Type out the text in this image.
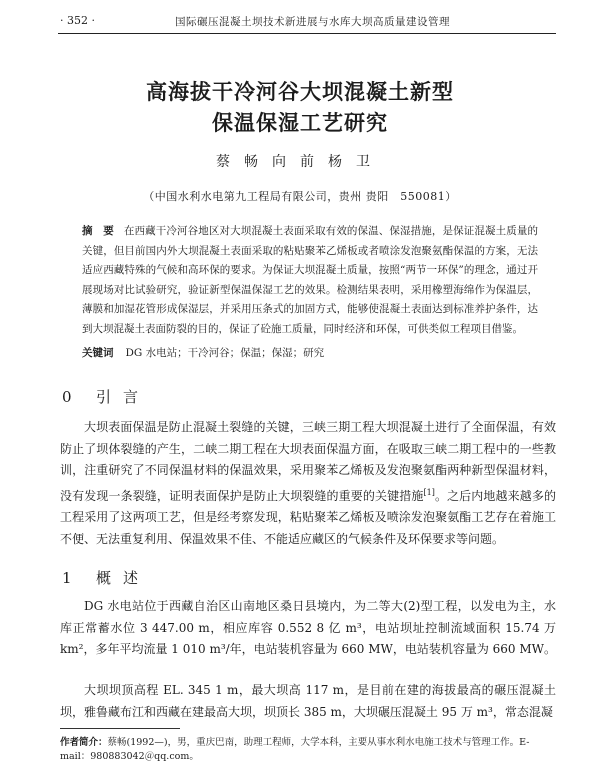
· 352 ·	国际碾压混凝土坝技术新进展与水库大坝高质量建设管理
高海拔干冷河谷大坝混凝土新型
保温保湿工艺研究
蔡畅向前杨卫
（中国水利水电第九工程局有限公司，贵州 贵阳　550081）
摘　要 在西藏干冷河谷地区对大坝混凝土表面采取有效的保温、保湿措施，是保证混凝土质量的关键，但目前国内外大坝混凝土表面采取的粘贴聚苯乙烯板或者喷涂发泡聚氨酯保温的方案，无法适应西藏特殊的气候和高环保的要求。为保证大坝混凝土质量，按照“两节一环保”的理念，通过开展现场对比试验研究，验证新型保温保湿工艺的效果。检测结果表明，采用橡塑海绵作为保温层，薄膜和加湿花管形成保湿层，并采用压条式的加固方式，能够使混凝土表面达到标准养护条件，达到大坝混凝土表面防裂的目的，保证了砼施工质量，同时经济和环保，可供类似工程项目借鉴。
关键词 DG 水电站；干冷河谷；保温；保湿；研究
0 引言
大坝表面保温是防止混凝土裂缝的关键，三峡三期工程大坝混凝土进行了全面保温，有效防止了坝体裂缝的产生，二峡二期工程在大坝表面保温方面，在吸取三峡二期工程中的一些教训，注重研究了不同保温材料的保温效果，采用聚苯乙烯板及发泡聚氨酯两种新型保温材料，没有发现一条裂缝，证明表面保护是防止大坝裂缝的重要的关键措施[1]。之后内地越来越多的工程采用了这两项工艺，但是经考察发现，粘贴聚苯乙烯板及喷涂发泡聚氨酯工艺存在着施工不便、无法重复利用、保温效果不佳、不能适应藏区的气候条件及环保要求等问题。
1 概述
DG 水电站位于西藏自治区山南地区桑日县境内，为二等大(2)型工程，以发电为主，水库正常蓄水位 3 447.00 m，相应库容 0.552 8 亿 m³，电站坝址控制流域面积 15.74 万 km²，多年平均流量 1 010 m³/年，电站装机容量为 660 MW，电站装机容量为 660 MW。
大坝坝顶高程 EL. 345 1 m，最大坝高 117 m，是目前在建的海拔最高的碾压混凝土坝，雅鲁藏布江和西藏在建最高大坝，坝顶长 385 m，大坝碾压混凝土 95 万 m³，常态混凝
作者简介：蔡畅(1992—)，男，重庆巴南，助理工程师，大学本科，主要从事水利水电施工技术与管理工作。E-mail：980883042＠qq.com。
